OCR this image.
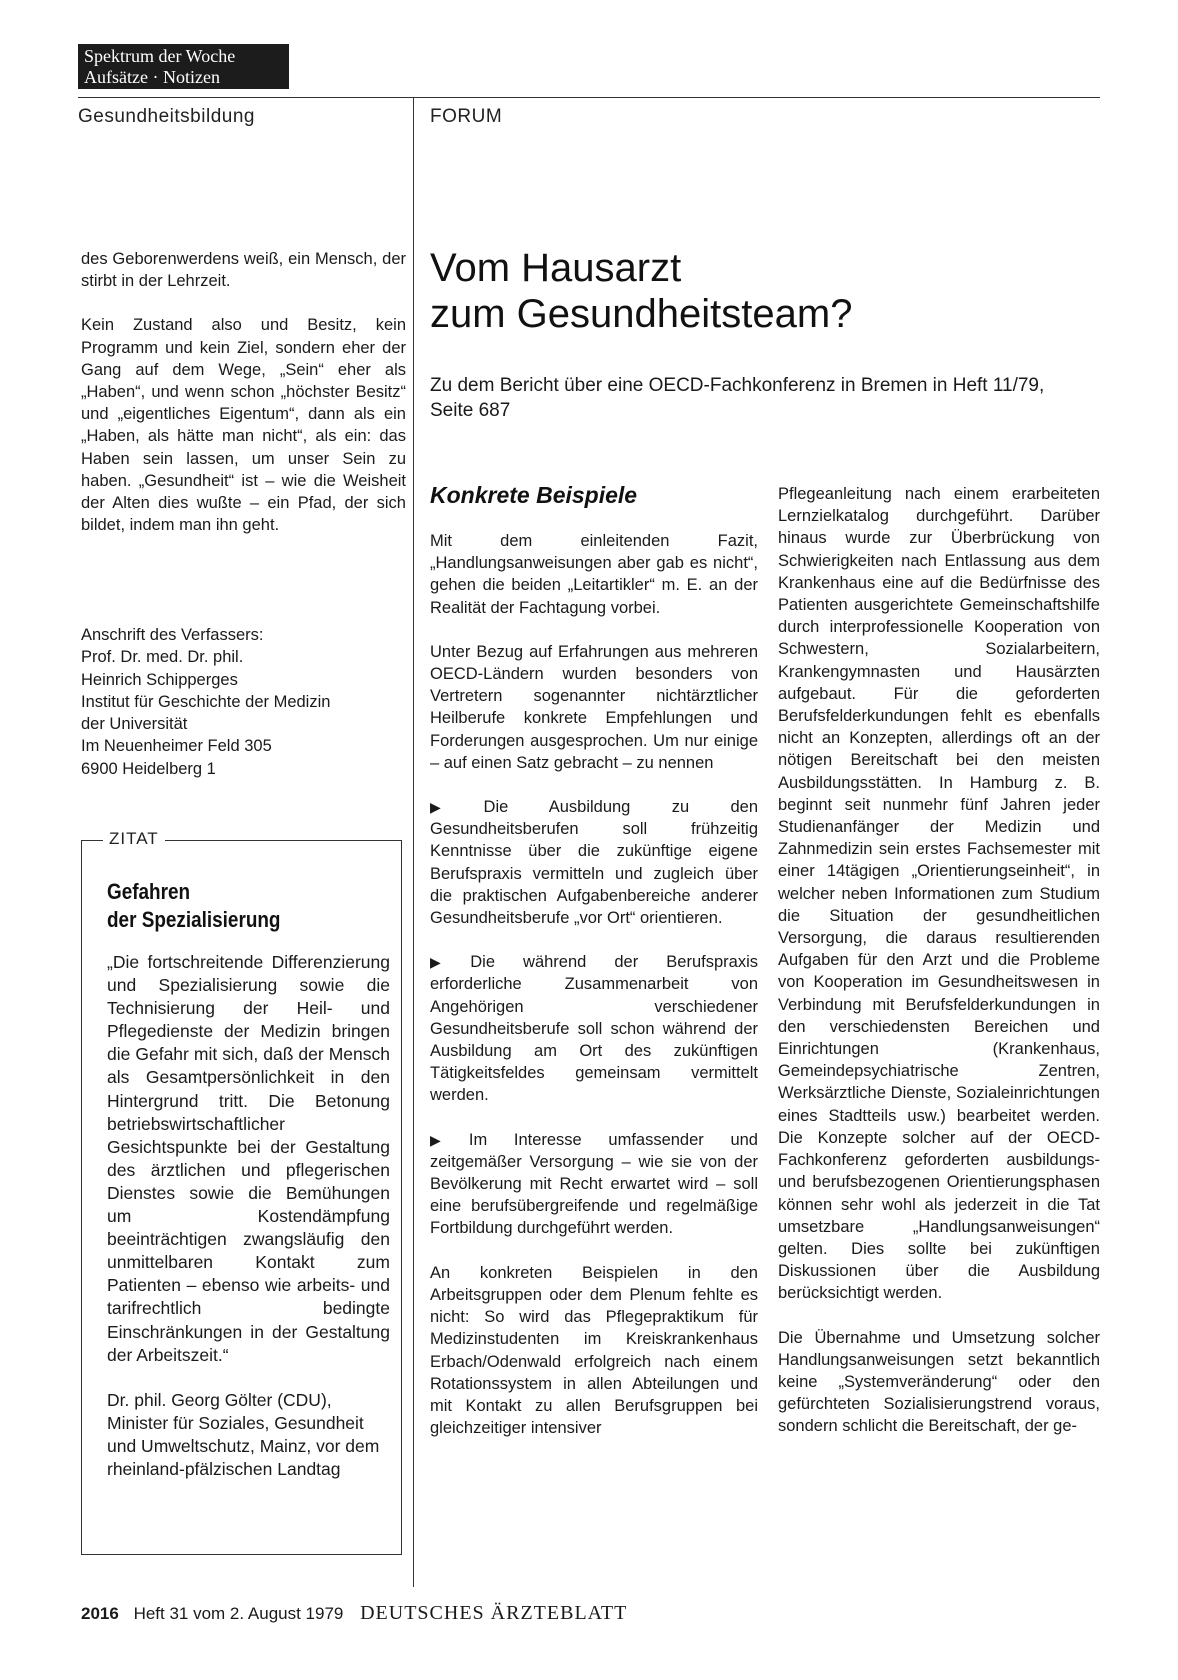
Spektrum der Woche
Aufsätze · Notizen
Gesundheitsbildung	FORUM

des Geborenwerdens weiß, ein Mensch, der stirbt in der Lehrzeit.

Kein Zustand also und Besitz, kein Programm und kein Ziel, sondern eher der Gang auf dem Wege, „Sein“ eher als „Haben“, und wenn schon „höchster Besitz“ und „eigentliches Eigentum“, dann als ein „Haben, als hätte man nicht“, als ein: das Haben sein lassen, um unser Sein zu haben. „Gesundheit“ ist – wie die Weisheit der Alten dies wußte – ein Pfad, der sich bildet, indem man ihn geht.

Anschrift des Verfassers:
Prof. Dr. med. Dr. phil.
Heinrich Schipperges
Institut für Geschichte der Medizin
der Universität
Im Neuenheimer Feld 305
6900 Heidelberg 1
ZITAT
Gefahren
der Spezialisierung

„Die fortschreitende Differenzierung und Spezialisierung sowie die Technisierung der Heil- und Pflegedienste der Medizin bringen die Gefahr mit sich, daß der Mensch als Gesamtpersönlichkeit in den Hintergrund tritt. Die Betonung betriebswirtschaftlicher Gesichtspunkte bei der Gestaltung des ärztlichen und pflegerischen Dienstes sowie die Bemühungen um Kostendämpfung beeinträchtigen zwangsläufig den unmittelbaren Kontakt zum Patienten – ebenso wie arbeits- und tarifrechtlich bedingte Einschränkungen in der Gestaltung der Arbeitszeit.“

Dr. phil. Georg Gölter (CDU), Minister für Soziales, Gesundheit und Umweltschutz, Mainz, vor dem rheinland-pfälzischen Landtag

Vom Hausarzt
zum Gesundheitsteam?
Zu dem Bericht über eine OECD-Fachkonferenz in Bremen in Heft 11/79, Seite 687
Konkrete Beispiele

Mit dem einleitenden Fazit, „Handlungsanweisungen aber gab es nicht“, gehen die beiden „Leitartikler“ m. E. an der Realität der Fachtagung vorbei.

Unter Bezug auf Erfahrungen aus mehreren OECD-Ländern wurden besonders von Vertretern sogenannter nichtärztlicher Heilberufe konkrete Empfehlungen und Forderungen ausgesprochen. Um nur einige – auf einen Satz gebracht – zu nennen

▶ Die Ausbildung zu den Gesundheitsberufen soll frühzeitig Kenntnisse über die zukünftige eigene Berufspraxis vermitteln und zugleich über die praktischen Aufgabenbereiche anderer Gesundheitsberufe „vor Ort“ orientieren.

▶ Die während der Berufspraxis erforderliche Zusammenarbeit von Angehörigen verschiedener Gesundheitsberufe soll schon während der Ausbildung am Ort des zukünftigen Tätigkeitsfeldes gemeinsam vermittelt werden.

▶ Im Interesse umfassender und zeitgemäßer Versorgung – wie sie von der Bevölkerung mit Recht erwartet wird – soll eine berufsübergreifende und regelmäßige Fortbildung durchgeführt werden.

An konkreten Beispielen in den Arbeitsgruppen oder dem Plenum fehlte es nicht: So wird das Pflegepraktikum für Medizinstudenten im Kreiskrankenhaus Erbach/Odenwald erfolgreich nach einem Rotationssystem in allen Abteilungen und mit Kontakt zu allen Berufsgruppen bei gleichzeitiger intensiver

Pflegeanleitung nach einem erarbeiteten Lernzielkatalog durchgeführt. Darüber hinaus wurde zur Überbrückung von Schwierigkeiten nach Entlassung aus dem Krankenhaus eine auf die Bedürfnisse des Patienten ausgerichtete Gemeinschaftshilfe durch interprofessionelle Kooperation von Schwestern, Sozialarbeitern, Krankengymnasten und Hausärzten aufgebaut. Für die geforderten Berufsfelderkundungen fehlt es ebenfalls nicht an Konzepten, allerdings oft an der nötigen Bereitschaft bei den meisten Ausbildungsstätten. In Hamburg z. B. beginnt seit nunmehr fünf Jahren jeder Studienanfänger der Medizin und Zahnmedizin sein erstes Fachsemester mit einer 14tägigen „Orientierungseinheit“, in welcher neben Informationen zum Studium die Situation der gesundheitlichen Versorgung, die daraus resultierenden Aufgaben für den Arzt und die Probleme von Kooperation im Gesundheitswesen in Verbindung mit Berufsfelderkundungen in den verschiedensten Bereichen und Einrichtungen (Krankenhaus, Gemeindepsychiatrische Zentren, Werksärztliche Dienste, Sozialeinrichtungen eines Stadtteils usw.) bearbeitet werden. Die Konzepte solcher auf der OECD-Fachkonferenz geforderten ausbildungs- und berufsbezogenen Orientierungsphasen können sehr wohl als jederzeit in die Tat umsetzbare „Handlungsanweisungen“ gelten. Dies sollte bei zukünftigen Diskussionen über die Ausbildung berücksichtigt werden.

Die Übernahme und Umsetzung solcher Handlungsanweisungen setzt bekanntlich keine „Systemveränderung“ oder den gefürchteten Sozialisierungstrend voraus, sondern schlicht die Bereitschaft, der ge-

2016 Heft 31 vom 2. August 1979 DEUTSCHES ÄRZTEBLATT
